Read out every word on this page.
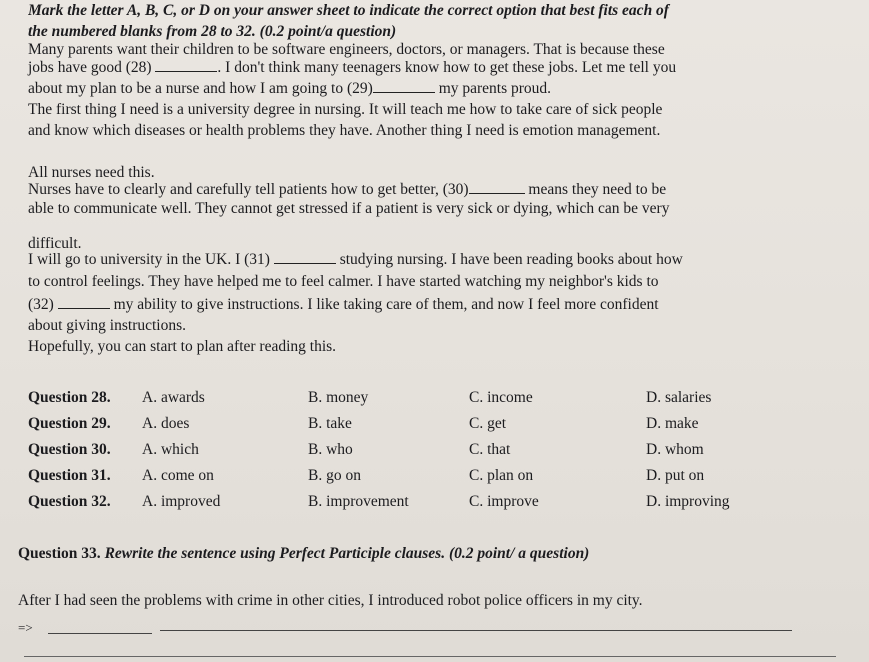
Mark the letter A, B, C, or D on your answer sheet to indicate the correct option that best fits each of
the numbered blanks from 28 to 32. (0.2 point/a question)
Many parents want their children to be software engineers, doctors, or managers. That is because these
jobs have good (28)	. I don't think many teenagers know how to get these jobs. Let me tell you
about my plan to be a nurse and how I am going to (29)	my parents proud.
The first thing I need is a university degree in nursing. It will teach me how to take care of sick people
and know which diseases or health problems they have. Another thing I need is emotion management.
All nurses need this.
Nurses have to clearly and carefully tell patients how to get better, (30)	means they need to be
able to communicate well. They cannot get stressed if a patient is very sick or dying, which can be very
difficult.
I will go to university in the UK. I (31)	studying nursing. I have been reading books about how
to control feelings. They have helped me to feel calmer. I have started watching my neighbor's kids to
(32)	my ability to give instructions. I like taking care of them, and now I feel more confident
about giving instructions.
Hopefully, you can start to plan after reading this.
Question 28. A. awards	B. money	C. income	D. salaries
Question 29. A. does	B. take	C. get	D. make
Question 30. A. which	B. who	C. that	D. whom
Question 31. A. come on	B. go on	C. plan on	D. put on
Question 32. A. improved	B. improvement	C. improve	D. improving
Question 33. Rewrite the sentence using Perfect Participle clauses. (0.2 point/ a question)
After I had seen the problems with crime in other cities, I introduced robot police officers in my city.
=>
